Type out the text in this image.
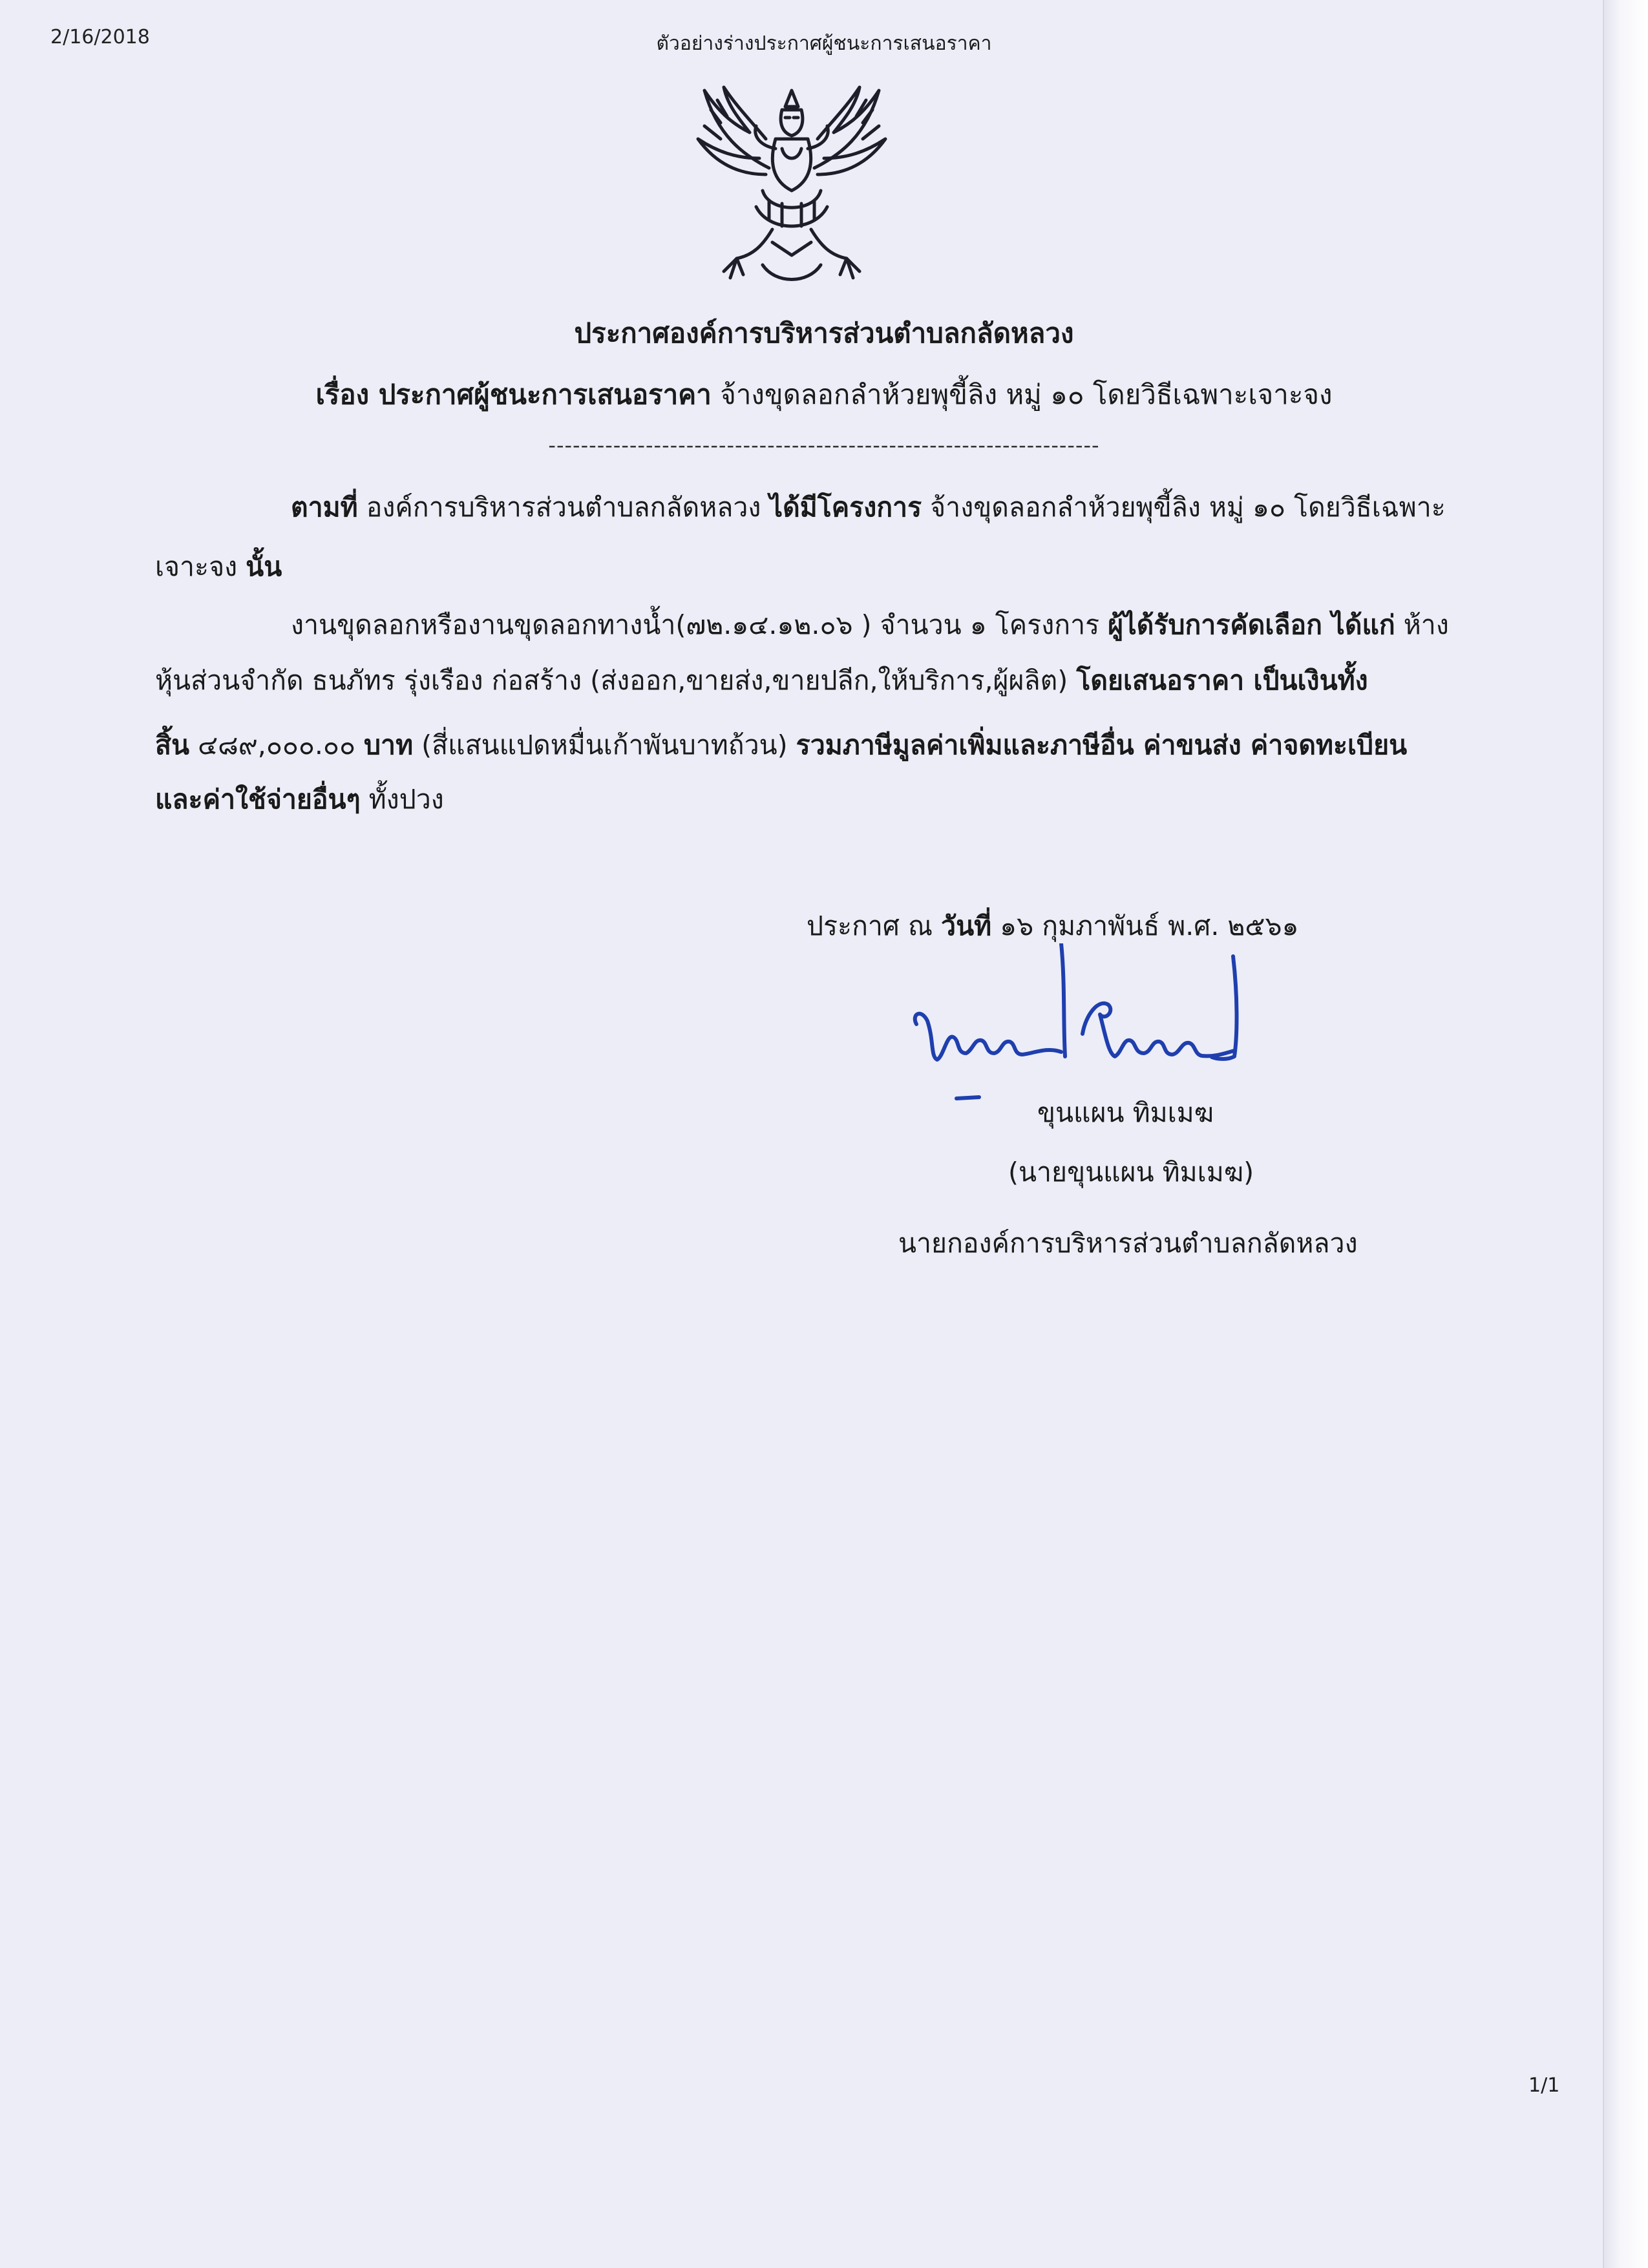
2/16/2018	ตัวอย่างร่างประกาศผู้ชนะการเสนอราคา
ประกาศองค์การบริหารส่วนตำบลกลัดหลวง
เรื่อง ประกาศผู้ชนะการเสนอราคา จ้างขุดลอกลำห้วยพุขี้ลิง หมู่ ๑๐ โดยวิธีเฉพาะเจาะจง
--------------------------------------------------------------------
ตามที่ องค์การบริหารส่วนตำบลกลัดหลวง ได้มีโครงการ จ้างขุดลอกลำห้วยพุขี้ลิง หมู่ ๑๐ โดยวิธีเฉพาะ
เจาะจง นั้น
งานขุดลอกหรืองานขุดลอกทางน้ำ(๗๒.๑๔.๑๒.๐๖ ) จำนวน ๑ โครงการ ผู้ได้รับการคัดเลือก ได้แก่ ห้าง
หุ้นส่วนจำกัด ธนภัทร รุ่งเรือง ก่อสร้าง (ส่งออก,ขายส่ง,ขายปลีก,ให้บริการ,ผู้ผลิต) โดยเสนอราคา เป็นเงินทั้ง
สิ้น ๔๘๙,๐๐๐.๐๐ บาท (สี่แสนแปดหมื่นเก้าพันบาทถ้วน) รวมภาษีมูลค่าเพิ่มและภาษีอื่น ค่าขนส่ง ค่าจดทะเบียน
และค่าใช้จ่ายอื่นๆ ทั้งปวง
ประกาศ ณ วันที่ ๑๖ กุมภาพันธ์ พ.ศ. ๒๕๖๑
ขุนแผน ทิมเมฆ
(นายขุนแผน ทิมเมฆ)
นายกองค์การบริหารส่วนตำบลกลัดหลวง
1/1
